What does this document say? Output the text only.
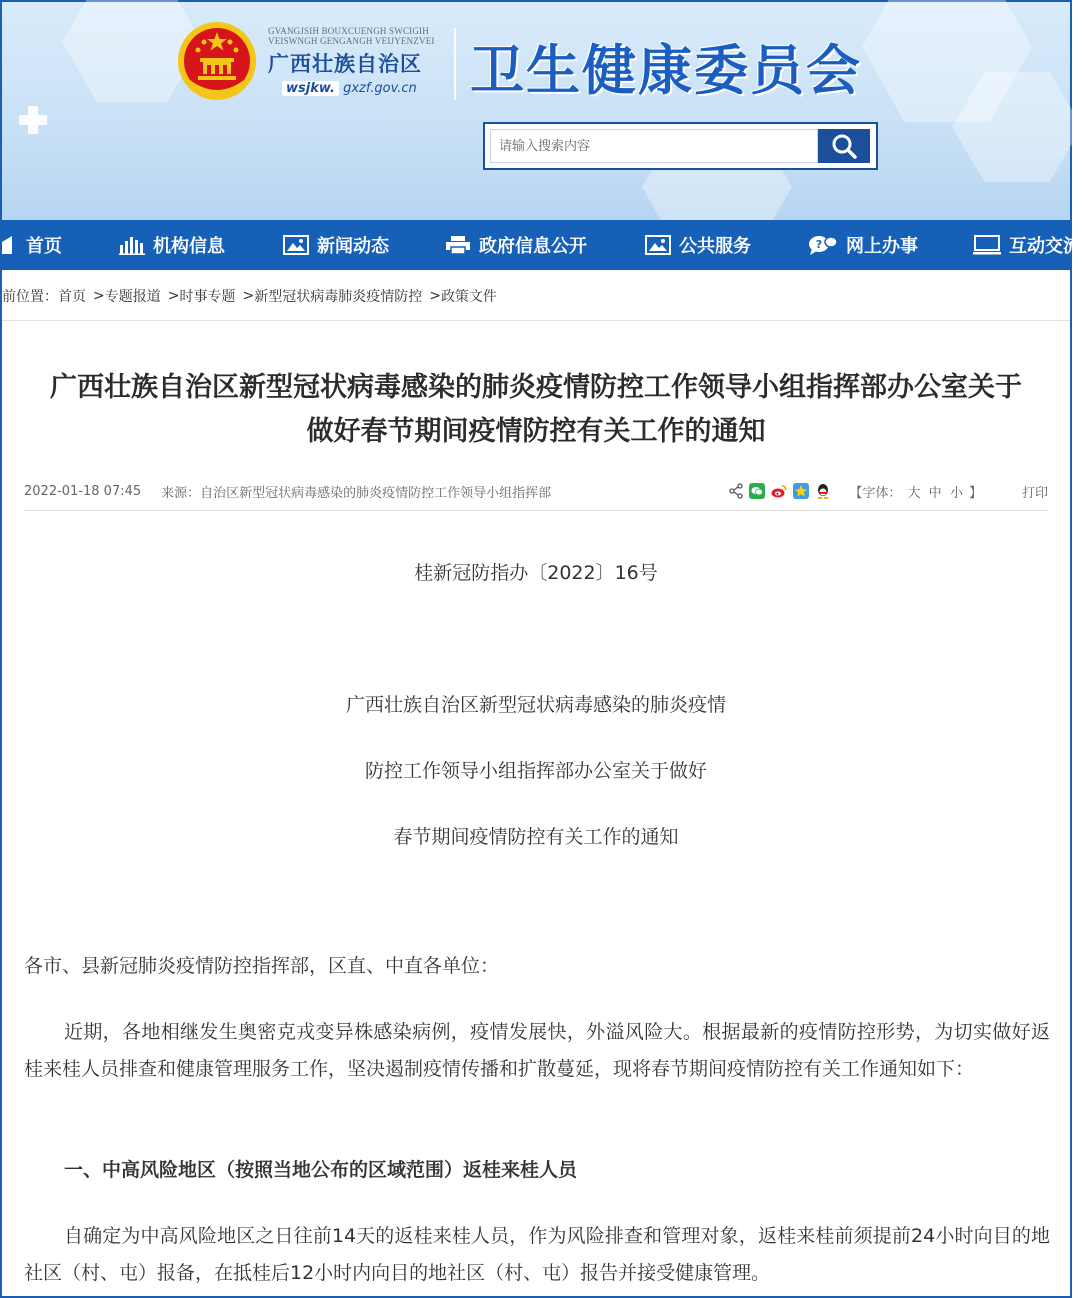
GVANGJSIH BOUXCUENGH SWCIGIH
VEISWNGH GENGANGH VEIJYENZVEI
广西壮族自治区
wsjkw. gxzf.gov.cn 卫生健康委员会
请输入搜索内容
首页	机构信息	新闻动态	政府信息公开	公共服务	? 网上办事	互动交流
前位置： 首页 > 专题报道 > 时事专题 > 新型冠状病毒肺炎疫情防控 > 政策文件
广西壮族自治区新型冠状病毒感染的肺炎疫情防控工作领导小组指挥部办公室关于
做好春节期间疫情防控有关工作的通知
2022-01-18 07:45 来源：自治区新型冠状病毒感染的肺炎疫情防控工作领导小组指挥部	【字体： 大 中 小 】	打印
桂新冠防指办〔2022〕16号
广西壮族自治区新型冠状病毒感染的肺炎疫情
防控工作领导小组指挥部办公室关于做好
春节期间疫情防控有关工作的通知
各市、县新冠肺炎疫情防控指挥部，区直、中直各单位：
近期，各地相继发生奥密克戎变异株感染病例，疫情发展快，外溢风险大。根据最新的疫情防控形势，为切实做好返桂来桂人员排查和健康管理服务工作，坚决遏制疫情传播和扩散蔓延，现将春节期间疫情防控有关工作通知如下：
一、中高风险地区（按照当地公布的区域范围）返桂来桂人员
自确定为中高风险地区之日往前14天的返桂来桂人员，作为风险排查和管理对象，返桂来桂前须提前24小时向目的地社区（村、屯）报备，在抵桂后12小时内向目的地社区（村、屯）报告并接受健康管理。
